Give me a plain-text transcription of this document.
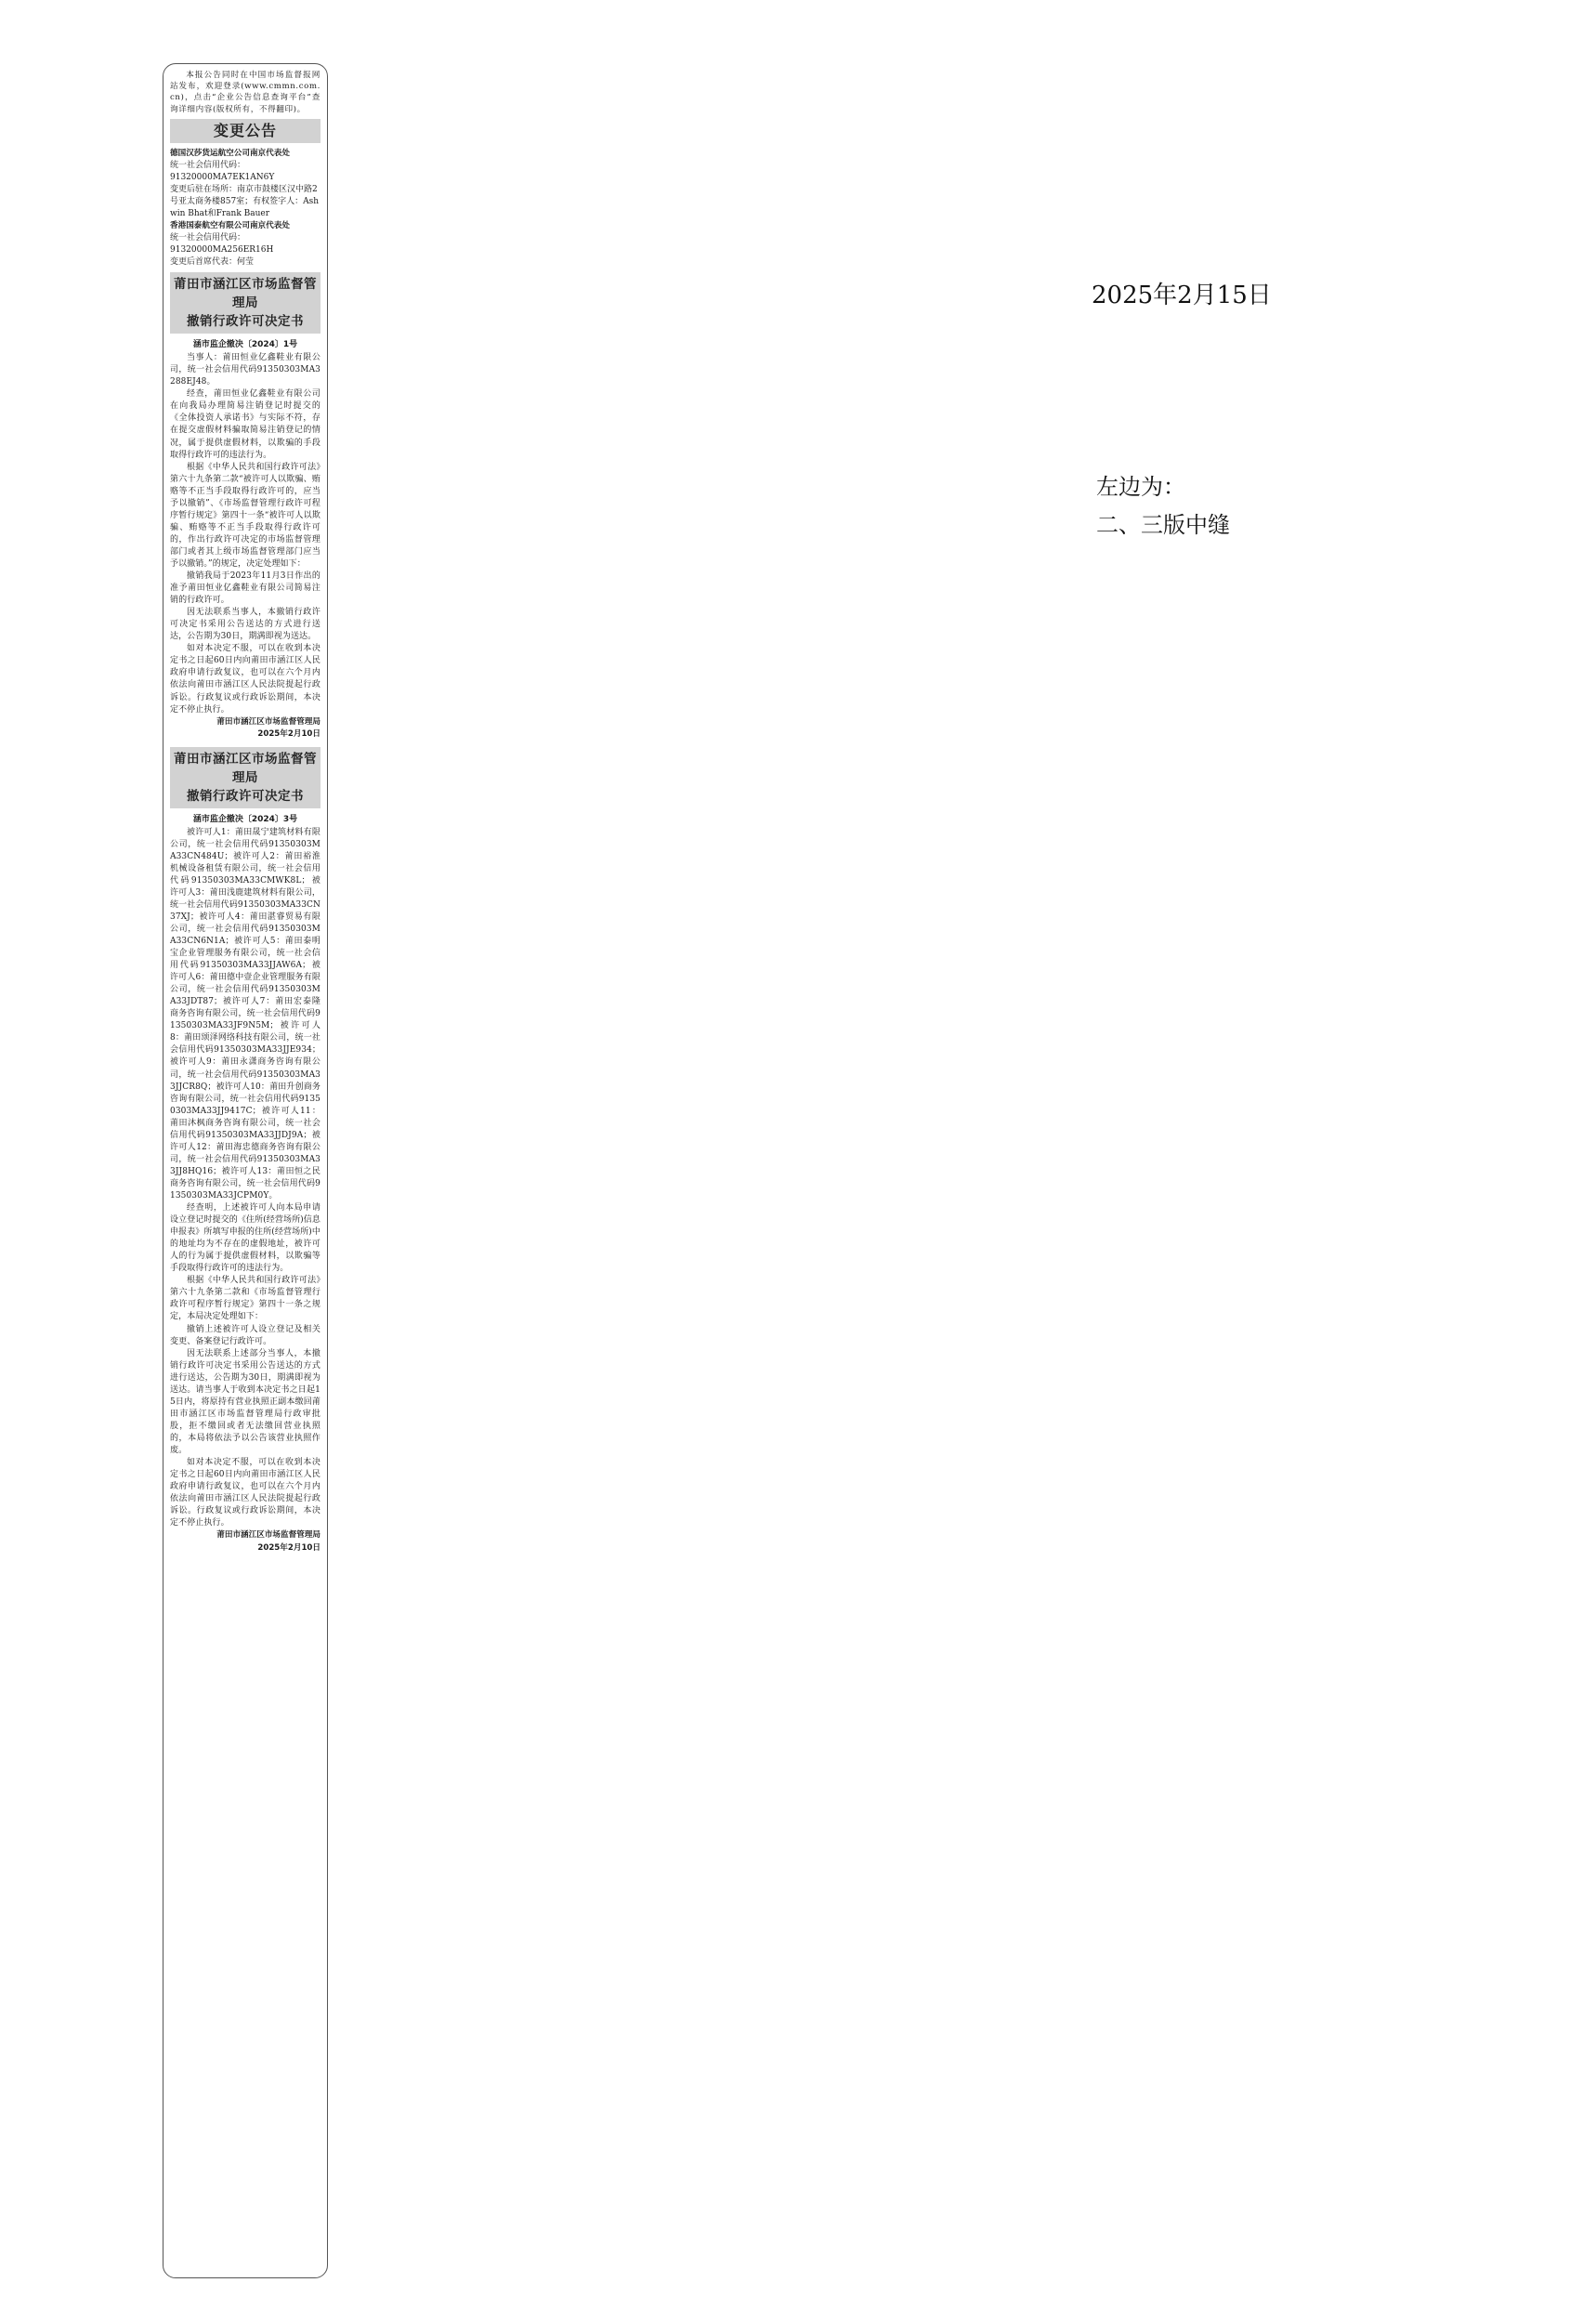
本报公告同时在中国市场监督报网站发布，欢迎登录(www.cmmn.com.cn)，点击“企业公告信息查询平台”查询详细内容(版权所有，不得翻印)。

变更公告

德国汉莎货运航空公司南京代表处

统一社会信用代码：

91320000MA7EK1AN6Y

变更后驻在场所：南京市鼓楼区汉中路2号亚太商务楼857室；有权签字人：Ashwin Bhat和Frank Bauer

香港国泰航空有限公司南京代表处

统一社会信用代码：

91320000MA256ER16H

变更后首席代表：何莹

莆田市涵江区市场监督管理局
撤销行政许可决定书

涵市监企撤决〔2024〕1号

当事人：莆田恒业亿鑫鞋业有限公司，统一社会信用代码91350303MA3288EJ48。

经查，莆田恒业亿鑫鞋业有限公司在向我局办理简易注销登记时提交的《全体投资人承诺书》与实际不符，存在提交虚假材料骗取简易注销登记的情况，属于提供虚假材料，以欺骗的手段取得行政许可的违法行为。

根据《中华人民共和国行政许可法》第六十九条第二款“被许可人以欺骗、贿赂等不正当手段取得行政许可的，应当予以撤销”、《市场监督管理行政许可程序暂行规定》第四十一条“被许可人以欺骗、贿赂等不正当手段取得行政许可的，作出行政许可决定的市场监督管理部门或者其上级市场监督管理部门应当予以撤销。”的规定，决定处理如下：

撤销我局于2023年11月3日作出的准予莆田恒业亿鑫鞋业有限公司简易注销的行政许可。

因无法联系当事人，本撤销行政许可决定书采用公告送达的方式进行送达，公告期为30日，期满即视为送达。

如对本决定不服，可以在收到本决定书之日起60日内向莆田市涵江区人民政府申请行政复议，也可以在六个月内依法向莆田市涵江区人民法院提起行政诉讼。行政复议或行政诉讼期间，本决定不停止执行。

莆田市涵江区市场监督管理局

2025年2月10日

莆田市涵江区市场监督管理局
撤销行政许可决定书

涵市监企撤决〔2024〕3号

被许可人1：莆田晟宁建筑材料有限公司，统一社会信用代码91350303MA33CN484U；被许可人2：莆田裕淮机械设备租赁有限公司，统一社会信用代码91350303MA33CMWK8L；被许可人3：莆田浅鹿建筑材料有限公司，统一社会信用代码91350303MA33CN37XJ；被许可人4：莆田湛睿贸易有限公司，统一社会信用代码91350303MA33CN6N1A；被许可人5：莆田泰明宝企业管理服务有限公司，统一社会信用代码91350303MA33JJAW6A；被许可人6：莆田德中壹企业管理服务有限公司，统一社会信用代码91350303MA33JDT87；被许可人7：莆田宏泰隆商务咨询有限公司，统一社会信用代码91350303MA33JF9N5M；被许可人8：莆田颂泽网络科技有限公司，统一社会信用代码91350303MA33JJE934；被许可人9：莆田永潇商务咨询有限公司，统一社会信用代码91350303MA33JJCR8Q；被许可人10：莆田升创商务咨询有限公司，统一社会信用代码91350303MA33JJ9417C；被许可人11：莆田沐枫商务咨询有限公司，统一社会信用代码91350303MA33JJDJ9A；被许可人12：莆田海忠德商务咨询有限公司，统一社会信用代码91350303MA33JJ8HQ16；被许可人13：莆田恒之民商务咨询有限公司，统一社会信用代码91350303MA33JCPM0Y。

经查明，上述被许可人向本局申请设立登记时提交的《住所(经营场所)信息申报表》所填写申报的住所(经营场所)中的地址均为不存在的虚假地址，被许可人的行为属于提供虚假材料，以欺骗等手段取得行政许可的违法行为。

根据《中华人民共和国行政许可法》第六十九条第二款和《市场监督管理行政许可程序暂行规定》第四十一条之规定，本局决定处理如下：

撤销上述被许可人设立登记及相关变更、备案登记行政许可。

因无法联系上述部分当事人，本撤销行政许可决定书采用公告送达的方式进行送达，公告期为30日，期满即视为送达。请当事人于收到本决定书之日起15日内，将原持有营业执照正副本缴回莆田市涵江区市场监督管理局行政审批股，拒不缴回或者无法缴回营业执照的，本局将依法予以公告该营业执照作废。

如对本决定不服，可以在收到本决定书之日起60日内向莆田市涵江区人民政府申请行政复议，也可以在六个月内依法向莆田市涵江区人民法院提起行政诉讼。行政复议或行政诉讼期间，本决定不停止执行。

莆田市涵江区市场监督管理局

2025年2月10日

2025年2月15日
左边为：
二、三版中缝
